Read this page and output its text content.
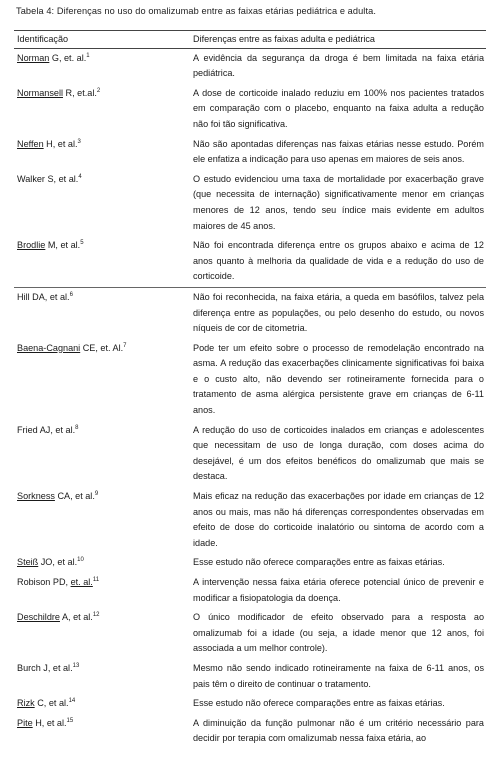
Tabela 4: Diferenças no uso do omalizumab entre as faixas etárias pediátrica e adulta.
Identificação	Diferenças entre as faixas adulta e pediátrica
Norman G, et. al.$^1$	A evidência da segurança da droga é bem limitada na faixa etária pediátrica.
Normansell R, et.al.$^2$	A dose de corticoide inalado reduziu em 100% nos pacientes tratados em comparação com o placebo, enquanto na faixa adulta a redução não foi tão significativa.
Neffen H, et al.$^3$	Não são apontadas diferenças nas faixas etárias nesse estudo. Porém ele enfatiza a indicação para uso apenas em maiores de seis anos.
Walker S, et al.$^4$	O estudo evidenciou uma taxa de mortalidade por exacerbação grave (que necessita de internação) significativamente menor em crianças menores de 12 anos, tendo seu índice mais evidente em adultos maiores de 45 anos.
Brodlie M, et al.$^5$	Não foi encontrada diferença entre os grupos abaixo e acima de 12 anos quanto à melhoria da qualidade de vida e a redução do uso de corticoide.
Hill DA, et al.$^6$	Não foi reconhecida, na faixa etária, a queda em basófilos, talvez pela diferença entre as populações, ou pelo desenho do estudo, ou novos níqueis de cor de citometria.
Baena-Cagnani CE, et. Al.$^7$	Pode ter um efeito sobre o processo de remodelação encontrado na asma. A redução das exacerbações clinicamente significativas foi baixa e o custo alto, não devendo ser rotineiramente fornecida para o tratamento de asma alérgica persistente grave em crianças de 6-11 anos.
Fried AJ, et al.$^8$	A redução do uso de corticoides inalados em crianças e adolescentes que necessitam de uso de longa duração, com doses acima do desejável, é um dos efeitos benéficos do omalizumab que mais se destaca.
Sorkness CA, et al.$^9$	Mais eficaz na redução das exacerbações por idade em crianças de 12 anos ou mais, mas não há diferenças correspondentes observadas em efeito de dose do corticoide inalatório ou sintoma de acordo com a idade.
Steiß JO, et al.$^{10}$	Esse estudo não oferece comparações entre as faixas etárias.
Robison PD, et. al.$^{11}$	A intervenção nessa faixa etária oferece potencial único de prevenir e modificar a fisiopatologia da doença.
Deschildre A, et al.$^{12}$	O único modificador de efeito observado para a resposta ao omalizumab foi a idade (ou seja, a idade menor que 12 anos, foi associada a um melhor controle).
Burch J, et al.$^{13}$	Mesmo não sendo indicado rotineiramente na faixa de 6-11 anos, os pais têm o direito de continuar o tratamento.
Rizk C, et al.$^{14}$	Esse estudo não oferece comparações entre as faixas etárias.
Pite H, et al.$^{15}$	A diminuição da função pulmonar não é um critério necessário para decidir por terapia com omalizumab nessa faixa etária, ao
